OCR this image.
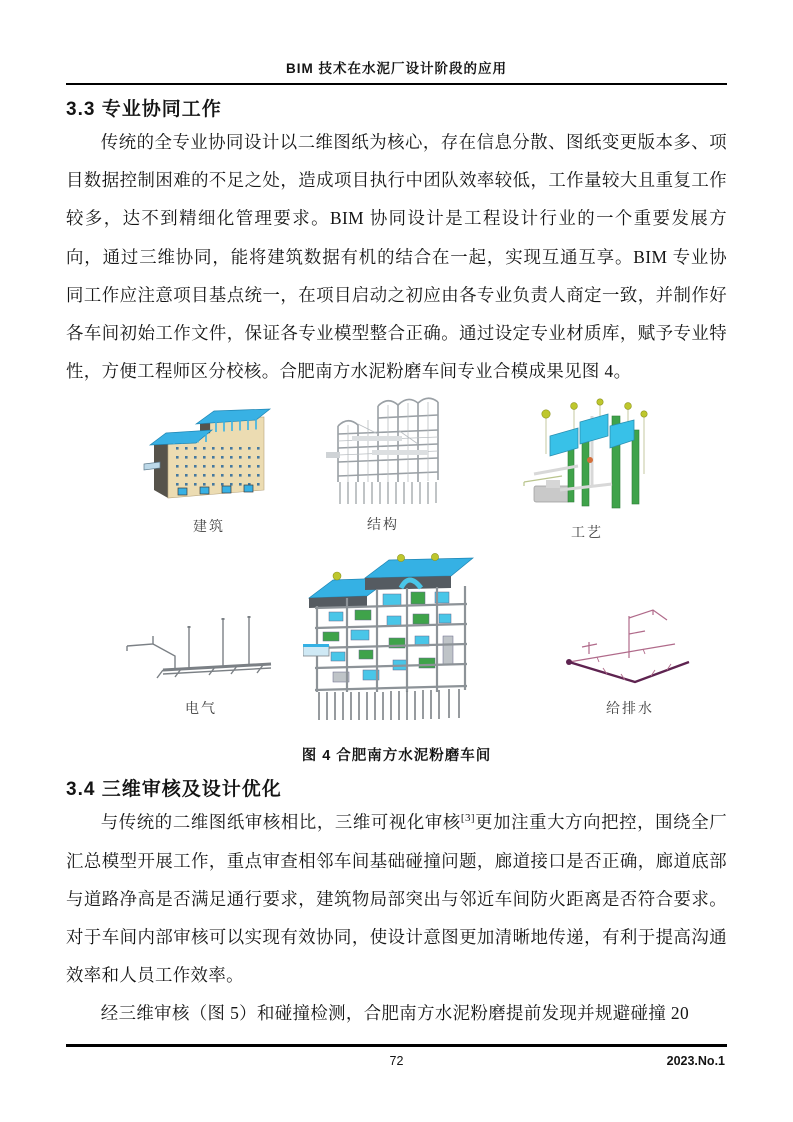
BIM 技术在水泥厂设计阶段的应用
3.3 专业协同工作

传统的全专业协同设计以二维图纸为核心，存在信息分散、图纸变更版本多、项目数据控制困难的不足之处，造成项目执行中团队效率较低，工作量较大且重复工作较多，达不到精细化管理要求。BIM 协同设计是工程设计行业的一个重要发展方向，通过三维协同，能将建筑数据有机的结合在一起，实现互通互享。BIM 专业协同工作应注意项目基点统一，在项目启动之初应由各专业负责人商定一致，并制作好各车间初始工作文件，保证各专业模型整合正确。通过设定专业材质库，赋予专业特性，方便工程师区分校核。合肥南方水泥粉磨车间专业合模成果见图 4。

建筑	结构
工艺
电气	给排水
图 4 合肥南方水泥粉磨车间
3.4 三维审核及设计优化

与传统的二维图纸审核相比，三维可视化审核[3]更加注重大方向把控，围绕全厂汇总模型开展工作，重点审查相邻车间基础碰撞问题，廊道接口是否正确，廊道底部与道路净高是否满足通行要求，建筑物局部突出与邻近车间防火距离是否符合要求。对于车间内部审核可以实现有效协同，使设计意图更加清晰地传递，有利于提高沟通效率和人员工作效率。

经三维审核（图 5）和碰撞检测，合肥南方水泥粉磨提前发现并规避碰撞 20

72	2023.No.1
